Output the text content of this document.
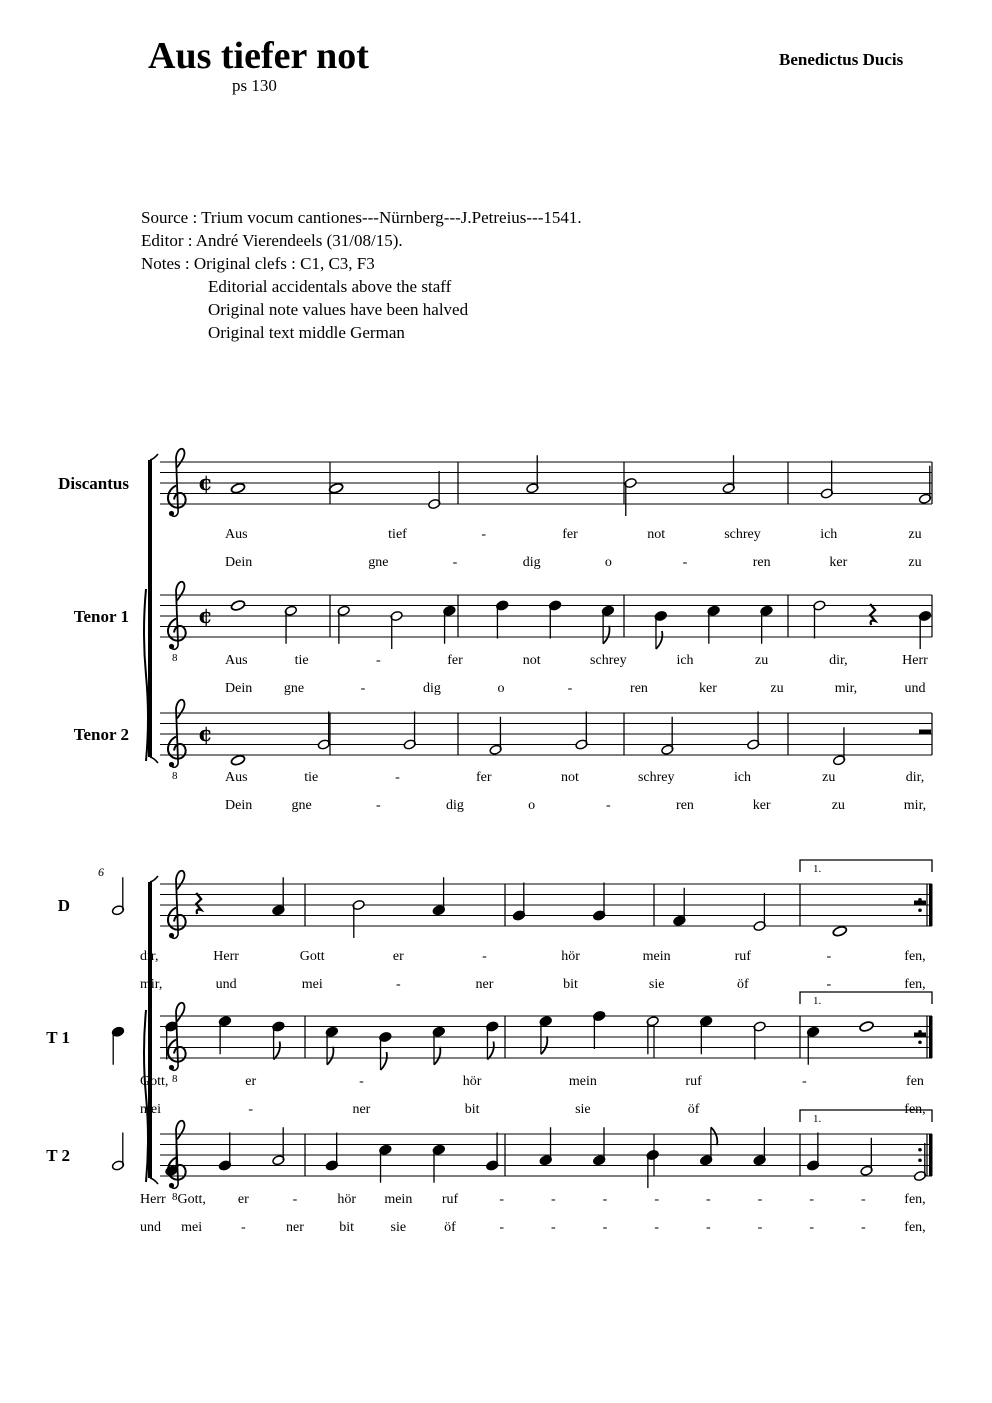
Aus tiefer not
ps 130
Benedictus Ducis
Source : Trium vocum cantiones---Nürnberg---J.Petreius---1541.
Editor : André Vierendeels (31/08/15).
Notes : Original clefs : C1, C3, F3
Editorial accidentals above the staff
Original note values have been halved
Original text middle German
Discantus	¢
Aus	tief	-	fer	not	schrey	ich	zu
Dein	gne	-	dig	o	-	ren	ker	zu
Tenor 1
8
¢
Aus	tie	-	fer	not	schrey	ich	zu	dir,	Herr
Dein gne	-	dig	o	-	ren	ker	zu	mir,	und
Tenor 2
8
¢
Aus	tie	-	fer	not	schrey	ich	zu	dir,
Dein	gne	-	dig	o	-	ren	ker	zu	mir,
6
D
1.
dir,	Herr	Gott	er	-	hör	mein	ruf	-	fen,
mir,	und	mei	-	ner	bit	sie	öf	-	fen,
T 1
8
1.
Gott,	er	-	hör	mein	ruf	-	fen
mei	-	ner	bit	sie	öf	-	fen,
T 2
8
1.
Herr Gott, er	-	hör mein ruf	-	-	-	-	-	-	-	-	fen,
und mei	-	ner	bit	sie	öf	-	-	-	-	-	-	-	-	fen,
